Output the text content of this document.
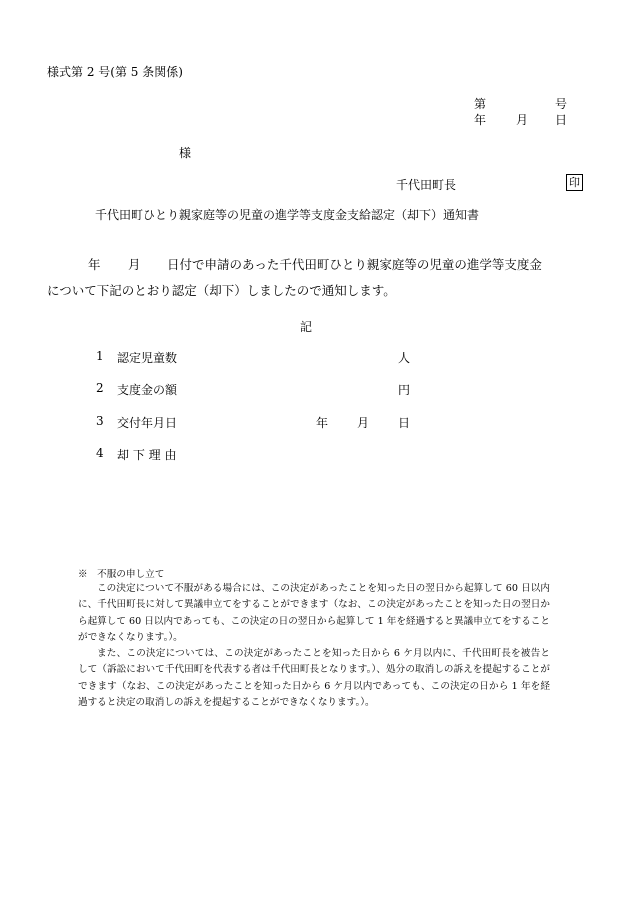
様式第 2 号(第 5 条関係)
第	号
年 月 日
様
千代田町長	印
千代田町ひとり親家庭等の児童の進学等支度金支給認定（却下）通知書
年 月 日付で申請のあった千代田町ひとり親家庭等の児童の進学等支度金
について下記のとおり認定（却下）しましたので通知します。
記
1 認定児童数	人
2 支度金の額	円
3 交付年月日	年 月 日
4 却 下 理 由
※　不服の申し立て
この決定について不服がある場合には、この決定があったことを知った日の翌日から起算して 60 日以内に、千代田町長に対して異議申立てをすることができます（なお、この決定があったことを知った日の翌日から起算して 60 日以内であっても、この決定の日の翌日から起算して 1 年を経過すると異議申立てをすることができなくなります。）。
また、この決定については、この決定があったことを知った日から 6 ケ月以内に、千代田町長を被告として（訴訟において千代田町を代表する者は千代田町長となります。）、処分の取消しの訴えを提起することができます（なお、この決定があったことを知った日から 6 ケ月以内であっても、この決定の日から 1 年を経過すると決定の取消しの訴えを提起することができなくなります。）。
